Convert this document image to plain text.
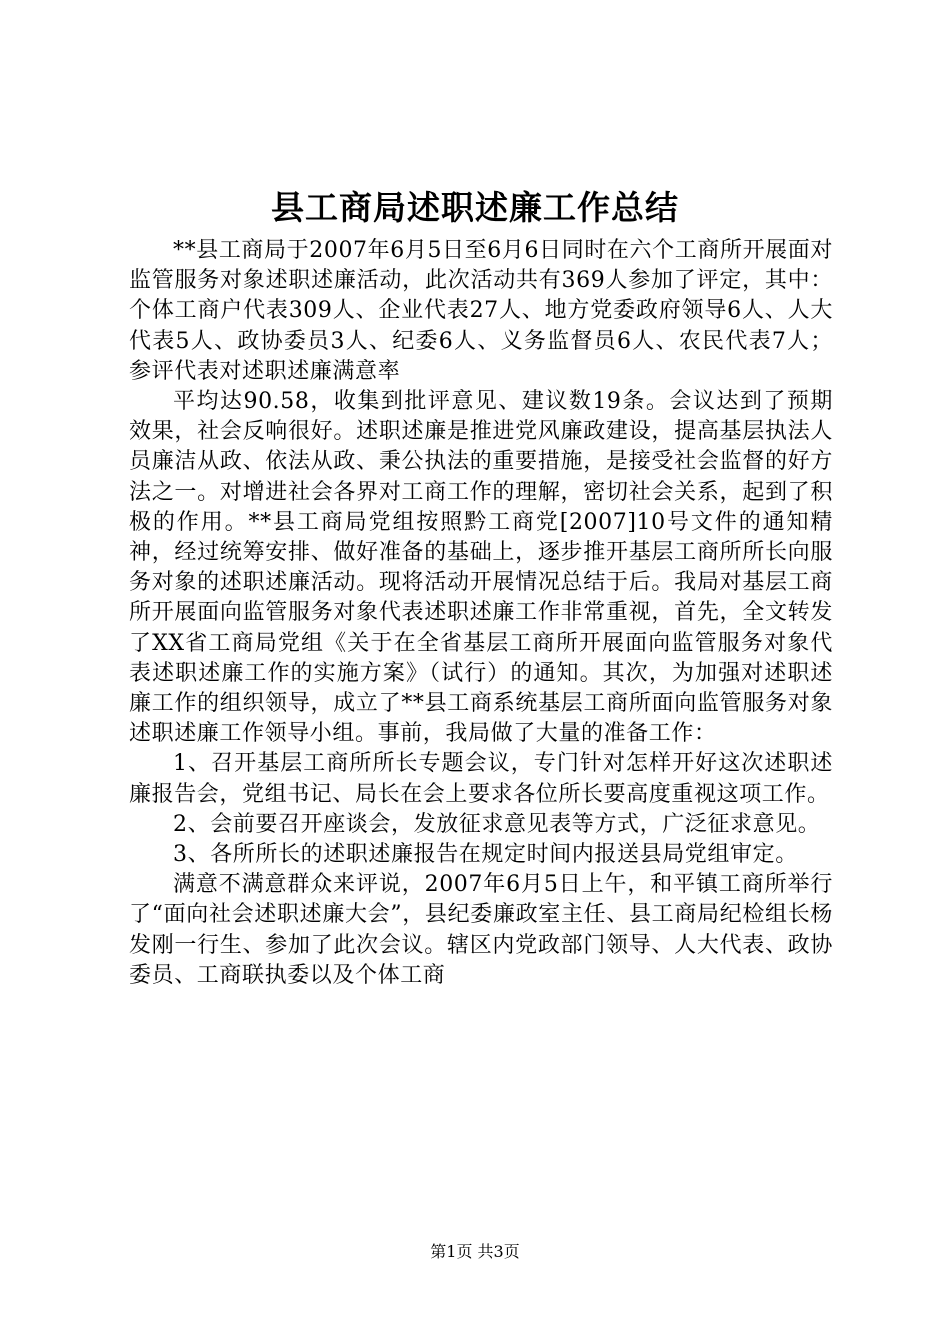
县工商局述职述廉工作总结

**县工商局于2007年6月5日至6月6日同时在六个工商所开展面对监管服务对象述职述廉活动，此次活动共有369人参加了评定，其中：个体工商户代表309人、企业代表27人、地方党委政府领导6人、人大代表5人、政协委员3人、纪委6人、义务监督员6人、农民代表7人；参评代表对述职述廉满意率

平均达90.58，收集到批评意见、建议数19条。会议达到了预期效果，社会反响很好。述职述廉是推进党风廉政建设，提高基层执法人员廉洁从政、依法从政、秉公执法的重要措施，是接受社会监督的好方法之一。对增进社会各界对工商工作的理解，密切社会关系，起到了积极的作用。**县工商局党组按照黔工商党[2007]10号文件的通知精神，经过统筹安排、做好准备的基础上，逐步推开基层工商所所长向服务对象的述职述廉活动。现将活动开展情况总结于后。我局对基层工商所开展面向监管服务对象代表述职述廉工作非常重视，首先，全文转发了XX省工商局党组《关于在全省基层工商所开展面向监管服务对象代表述职述廉工作的实施方案》（试行）的通知。其次，为加强对述职述廉工作的组织领导，成立了**县工商系统基层工商所面向监管服务对象述职述廉工作领导小组。事前，我局做了大量的准备工作：

1、召开基层工商所所长专题会议，专门针对怎样开好这次述职述廉报告会，党组书记、局长在会上要求各位所长要高度重视这项工作。

2、会前要召开座谈会，发放征求意见表等方式，广泛征求意见。

3、各所所长的述职述廉报告在规定时间内报送县局党组审定。

满意不满意群众来评说，2007年6月5日上午，和平镇工商所举行了“面向社会述职述廉大会”，县纪委廉政室主任、县工商局纪检组长杨发刚一行生、参加了此次会议。辖区内党政部门领导、人大代表、政协委员、工商联执委以及个体工商

第1页 共3页
